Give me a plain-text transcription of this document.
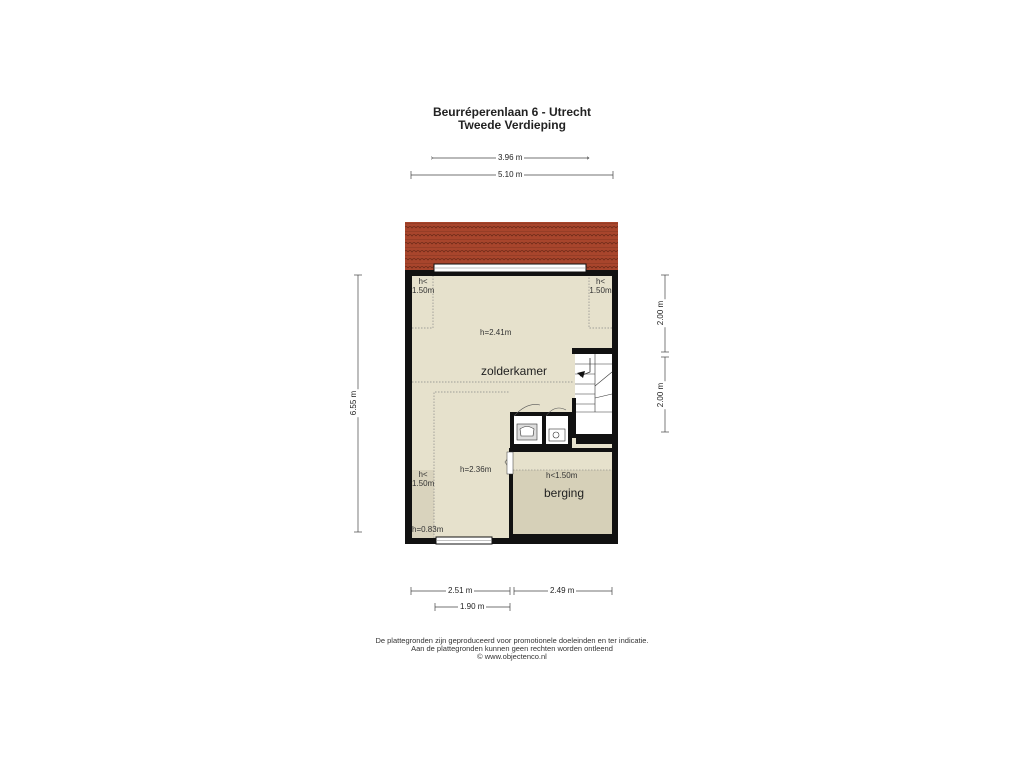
Beurréperenlaan 6 - Utrecht
Tweede Verdieping
3.96 m
5.10 m
6.55 m
2.00 m
2.00 m
2.51 m	2.49 m
1.90 m
h<
1.50m
h<
1.50m
h<
1.50m
h=2.41m
h=2.36m
h<1.50m
h=0.83m
zolderkamer
berging
De plattegronden zijn geproduceerd voor promotionele doeleinden en ter indicatie.
Aan de plattegronden kunnen geen rechten worden ontleend
© www.objectenco.nl
